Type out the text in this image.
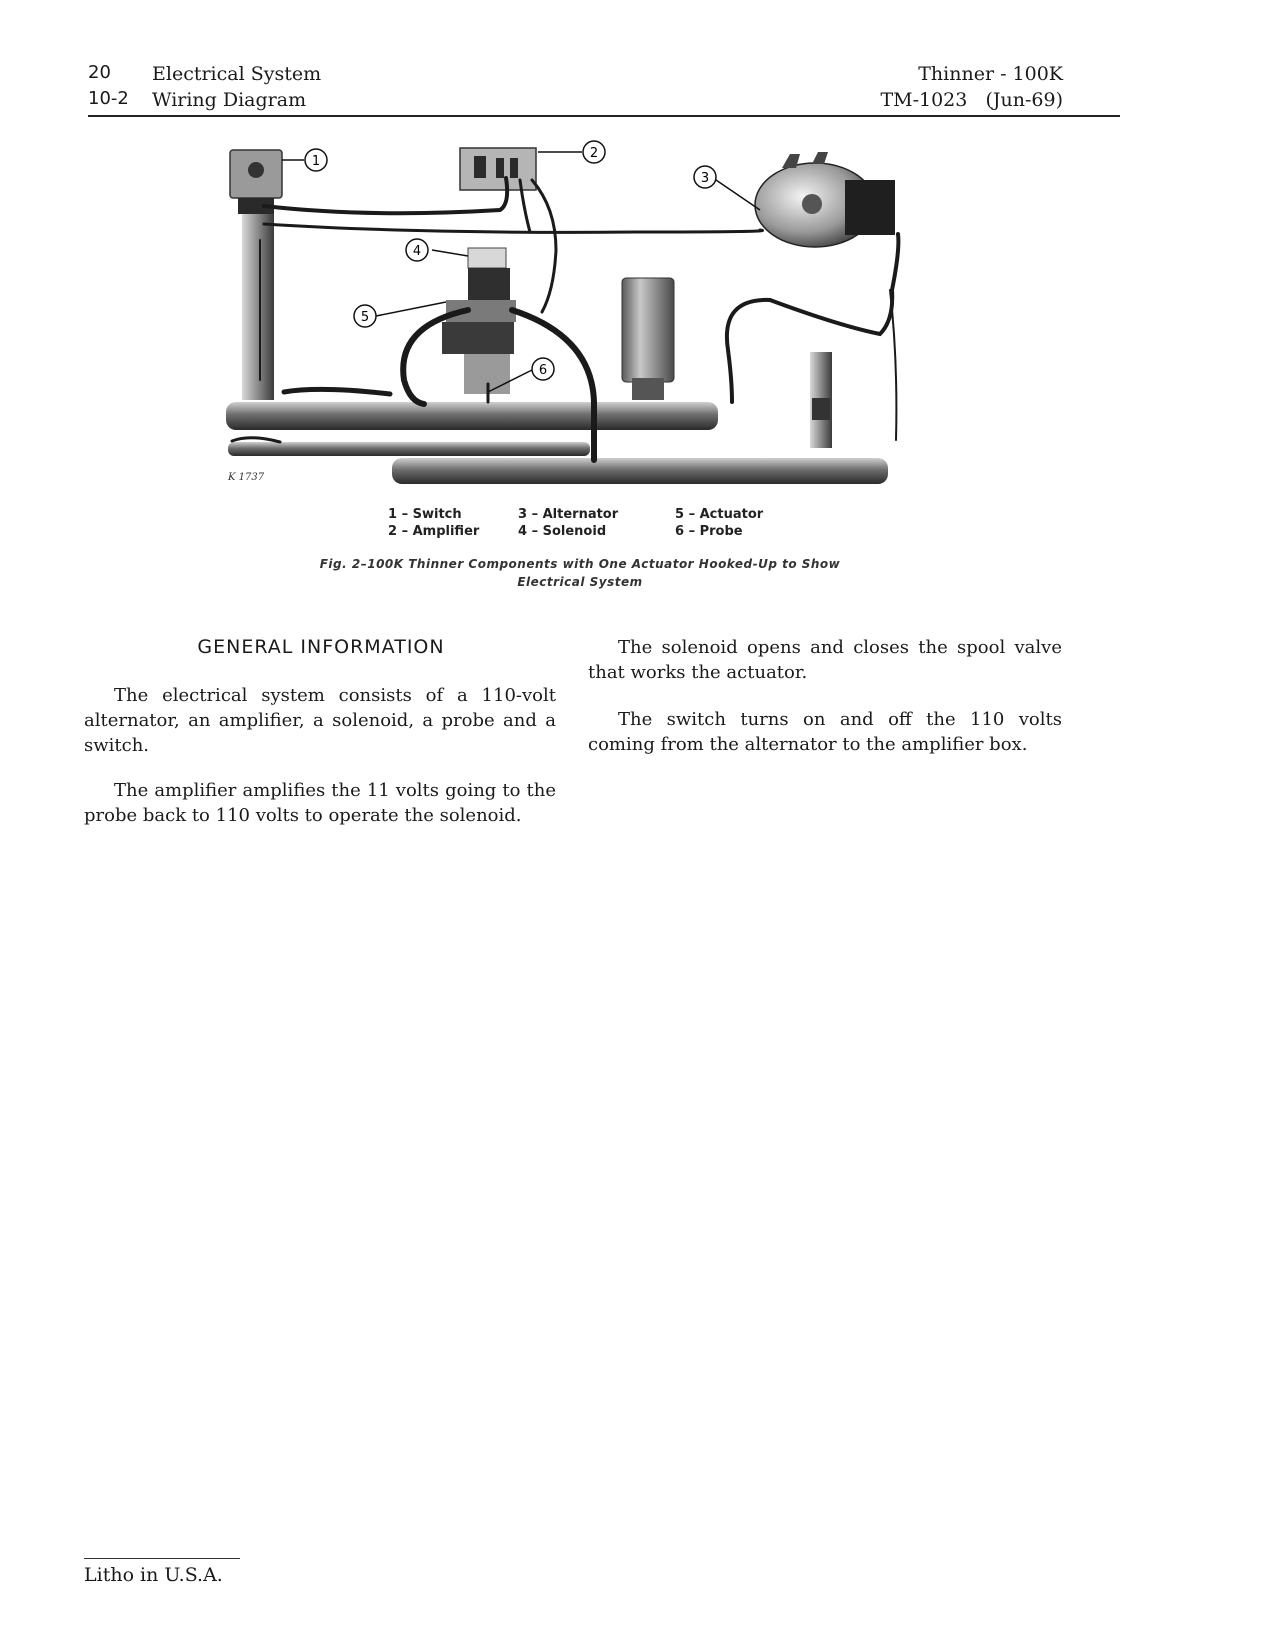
20 Electrical System
10-2 Wiring Diagram
Thinner - 100K
TM-1023   (Jun-69)
1
2
3
4
5
6
K 1737
1 – Switch
2 – Amplifier
3 – Alternator
4 – Solenoid
5 – Actuator
6 – Probe
Fig. 2–100K Thinner Components with One Actuator Hooked-Up to Show
Electrical System
GENERAL INFORMATION
The electrical system consists of a 110-volt alternator, an amplifier, a solenoid, a probe and a switch.
The amplifier amplifies the 11 volts going to the probe back to 110 volts to operate the solenoid.
The solenoid opens and closes the spool valve that works the actuator.
The switch turns on and off the 110 volts coming from the alternator to the amplifier box.
Litho in U.S.A.
